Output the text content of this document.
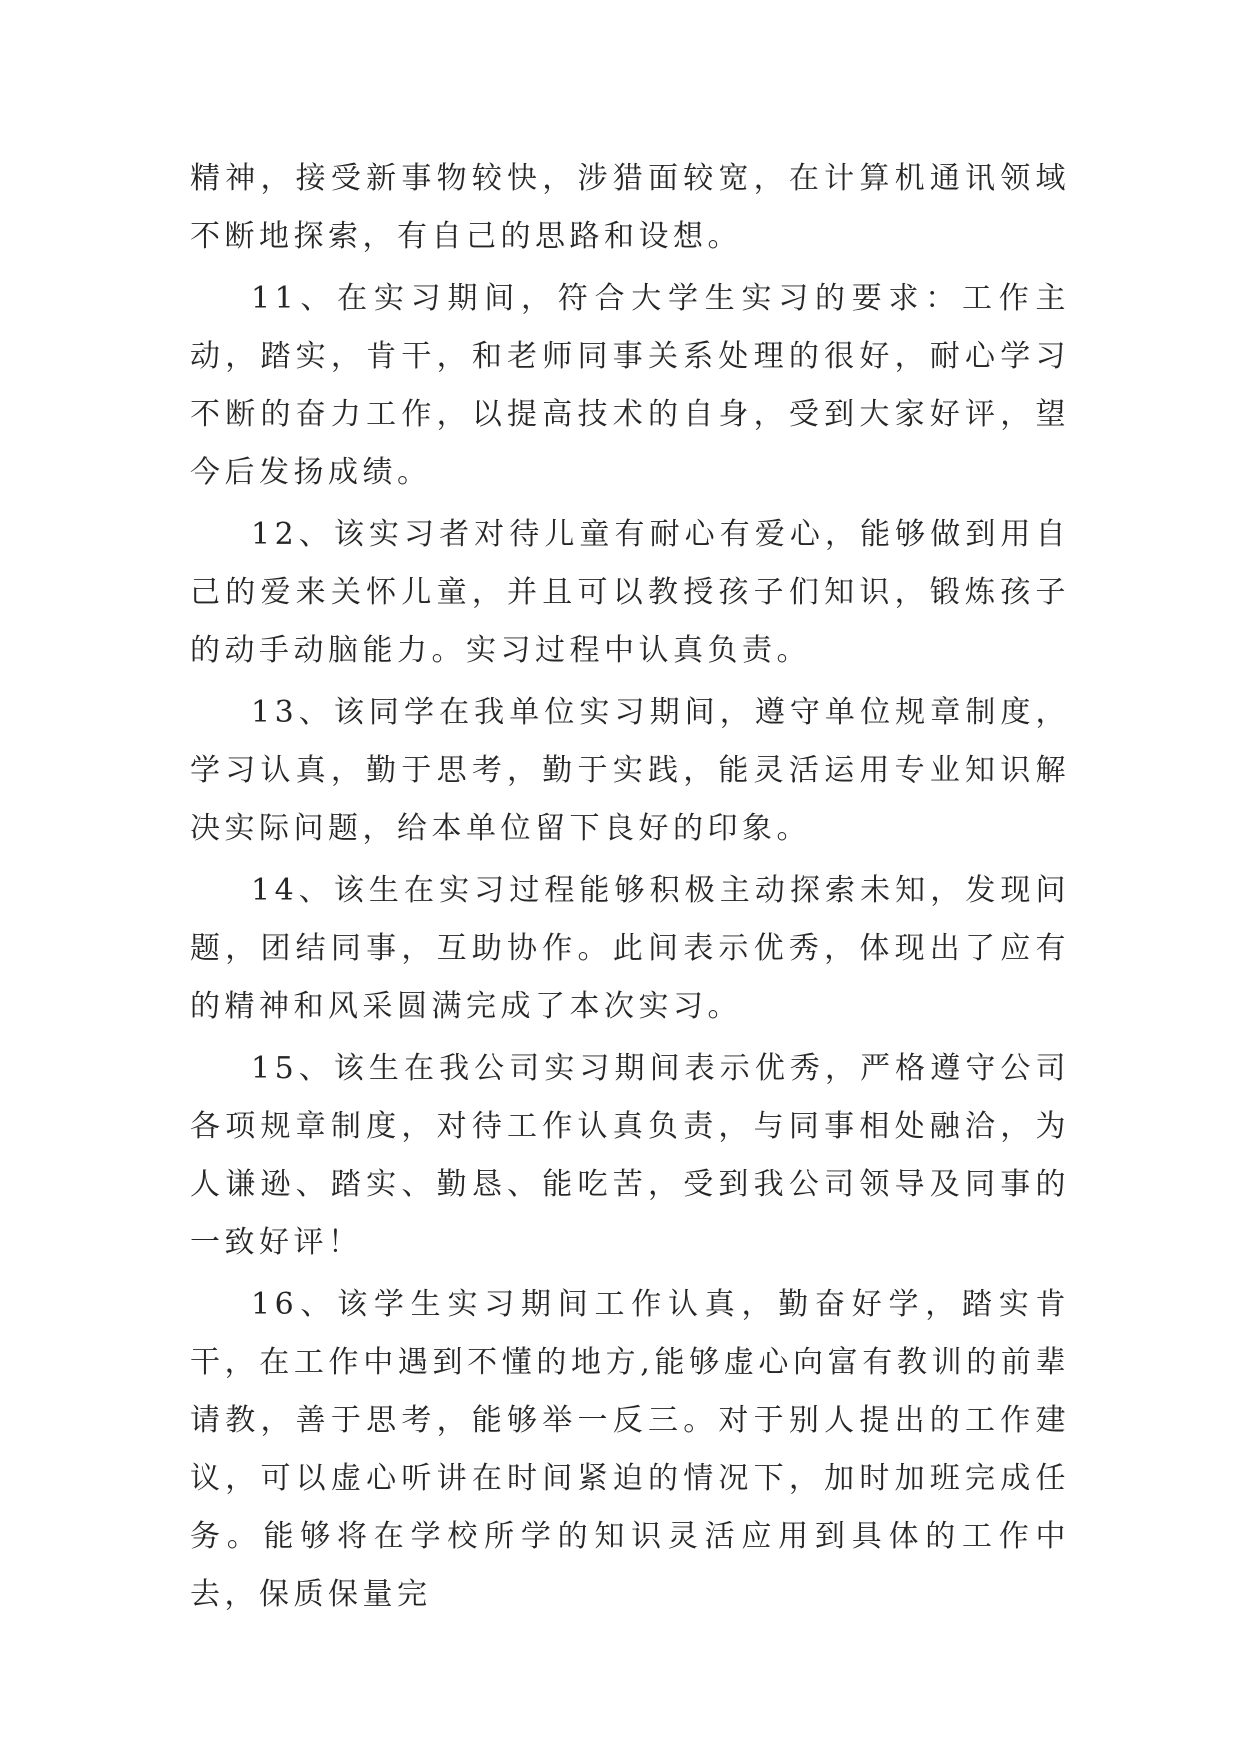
精神，接受新事物较快，涉猎面较宽，在计算机通讯领域不断地探索，有自己的思路和设想。

11、在实习期间，符合大学生实习的要求：工作主动，踏实，肯干，和老师同事关系处理的很好，耐心学习不断的奋力工作，以提高技术的自身，受到大家好评，望今后发扬成绩。

12、该实习者对待儿童有耐心有爱心，能够做到用自己的爱来关怀儿童，并且可以教授孩子们知识，锻炼孩子的动手动脑能力。实习过程中认真负责。

13、该同学在我单位实习期间，遵守单位规章制度，学习认真，勤于思考，勤于实践，能灵活运用专业知识解决实际问题，给本单位留下良好的印象。

14、该生在实习过程能够积极主动探索未知，发现问题，团结同事，互助协作。此间表示优秀，体现出了应有的精神和风采圆满完成了本次实习。

15、该生在我公司实习期间表示优秀，严格遵守公司各项规章制度，对待工作认真负责，与同事相处融洽，为人谦逊、踏实、勤恳、能吃苦，受到我公司领导及同事的一致好评！

16、该学生实习期间工作认真，勤奋好学，踏实肯干，在工作中遇到不懂的地方,能够虚心向富有教训的前辈请教，善于思考，能够举一反三。对于别人提出的工作建议，可以虚心听讲在时间紧迫的情况下，加时加班完成任务。能够将在学校所学的知识灵活应用到具体的工作中去，保质保量完
